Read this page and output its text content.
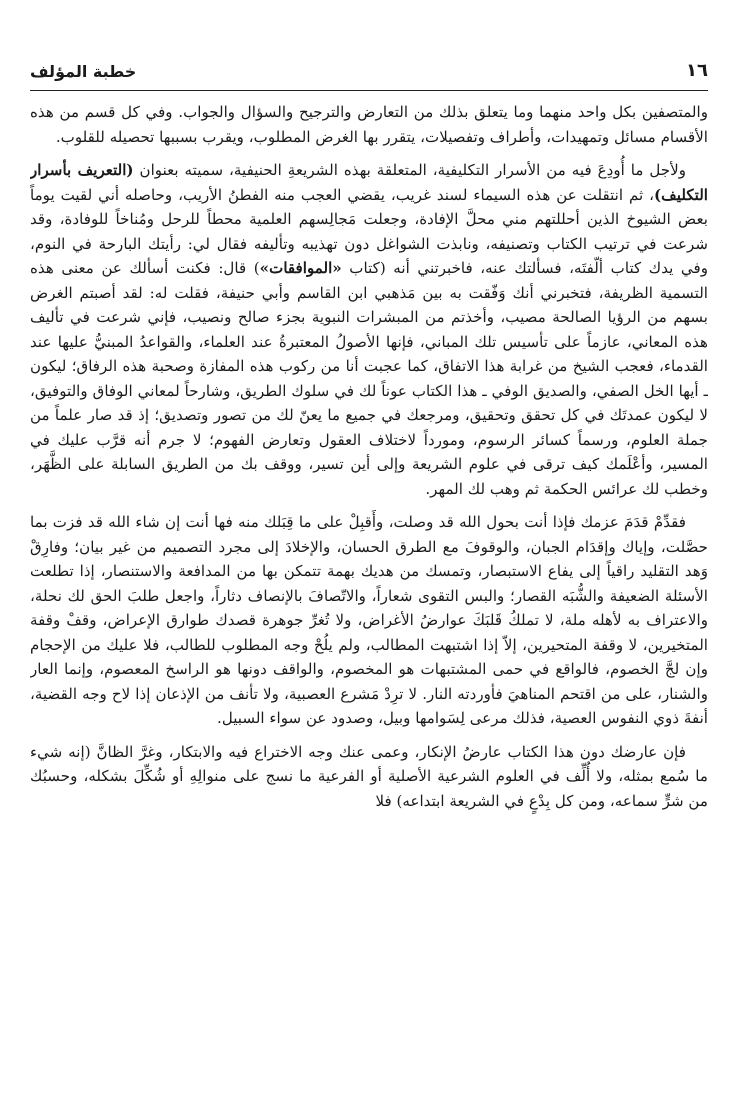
خطبة المؤلف	١٦

والمتصفين بكل واحد منهما وما يتعلق بذلك من التعارض والترجيح والسؤال والجواب. وفي كل قسم من هذه الأقسام مسائل وتمهيدات، وأطراف وتفصيلات، يتقرر بها الغرض المطلوب، ويقرب بسببها تحصيله للقلوب.

ولأجل ما أُودِعَ فيه من الأسرار التكليفية، المتعلقة بهذه الشريعةِ الحنيفية، سميته بعنوان (التعريف بأسرار التكليف)، ثم انتقلت عن هذه السيماء لسند غريب، يقضي العجب منه الفطنُ الأريب، وحاصله أني لقيت يوماً بعض الشيوخ الذين أحللتهم مني محلَّ الإفادة، وجعلت مَجالِسهم العلمية محطاً للرحل ومُناخاً للوفادة، وقد شرعت في ترتيب الكتاب وتصنيفه، ونابذت الشواغل دون تهذيبه وتأليفه فقال لي: رأيتك البارحة في النوم، وفي يدك كتاب ألّفتَه، فسألتك عنه، فاخبرتني أنه (كتاب «الموافقات») قال: فكنت أسألك عن معنى هذه التسمية الظريفة، فتخبرني أنك وَفّقت به بين مَذهبي ابن القاسم وأبي حنيفة، فقلت له: لقد أصبتم الغرض بسهم من الرؤيا الصالحة مصيب، وأخذتم من المبشرات النبوية بجزء صالح ونصيب، فإني شرعت في تأليف هذه المعاني، عازماً على تأسيس تلك المباني، فإنها الأصولُ المعتبرةُ عند العلماء، والقواعدُ المبنيُّ عليها عند القدماء، فعجب الشيخ من غرابة هذا الاتفاق، كما عجبت أنا من ركوب هذه المفازة وصحبة هذه الرفاق؛ ليكون ـ أيها الخل الصفي، والصديق الوفي ـ هذا الكتاب عوناً لك في سلوك الطريق، وشارحاً لمعاني الوفاق والتوفيق، لا ليكون عمدتَك في كل تحقق وتحقيق، ومرجعك في جميع ما يعنّ لك من تصور وتصديق؛ إذ قد صار علماً من جملة العلوم، ورسماً كسائر الرسوم، ومورداً لاختلاف العقول وتعارض الفهوم؛ لا جرم أنه قرَّب عليك في المسير، وأعْلَمك كيف ترقى في علوم الشريعة وإلى أين تسير، ووقف بك من الطريق السابلة على الظَّهَر، وخطب لك عرائس الحكمة ثم وهب لك المهر.

فقدِّمْ قدَمَ عزمك فإذا أنت بحول الله قد وصلت، وأَقبِلْ على ما قِبَلك منه فها أنت إن شاء الله قد فزت بما حصَّلت، وإياك وإقدَام الجبان، والوقوفَ مع الطرق الحسان، والإخلادَ إلى مجرد التصميم من غير بيان؛ وفارِقْ وَهد التقليد راقياً إلى يفاع الاستبصار، وتمسك من هديك بهمة تتمكن بها من المدافعة والاستنصار، إذا تطلعت الأسئلة الضعيفة والشُّبَه القصار؛ والبس التقوى شعاراً، والاتّصافَ بالإنصاف دثاراً، واجعل طلبَ الحق لك نحلة، والاعتراف به لأهله ملة، لا تملكُ قَلبَكَ عوارضُ الأغراض، ولا تُغرِّ جوهرة قصدك طوارق الإعراض، وقفْ وقفة المتخيرين، لا وقفة المتحيرين، إلاّ إذا اشتبهت المطالب، ولم يلُحْ وجه المطلوب للطالب، فلا عليك من الإحجام وإن لجَّ الخصوم، فالواقع في حمى المشتبهات هو المخصوم، والواقف دونها هو الراسخ المعصوم، وإنما العار والشنار، على من اقتحم المناهيَ فأوردته النار. لا ترِدْ مَشرع العصبية، ولا تأنف من الإذعان إذا لاح وجه القضية، أنفةَ ذوي النفوس العصية، فذلك مرعى لِسَوامها وبيل، وصدود عن سواء السبيل.

فإن عارضك دون هذا الكتاب عارضُ الإنكار، وعمى عنك وجه الاختراع فيه والابتكار، وغرَّ الظانَّ (إنه شيء ما سُمع بمثله، ولا أُلِّف في العلوم الشرعية الأصلية أو الفرعية ما نسج على منوالِهِ أو شُكِّلَ بشكله، وحسبُك من شرٍّ سماعه، ومن كل بِدْعٍ في الشريعة ابتداعه) فلا
